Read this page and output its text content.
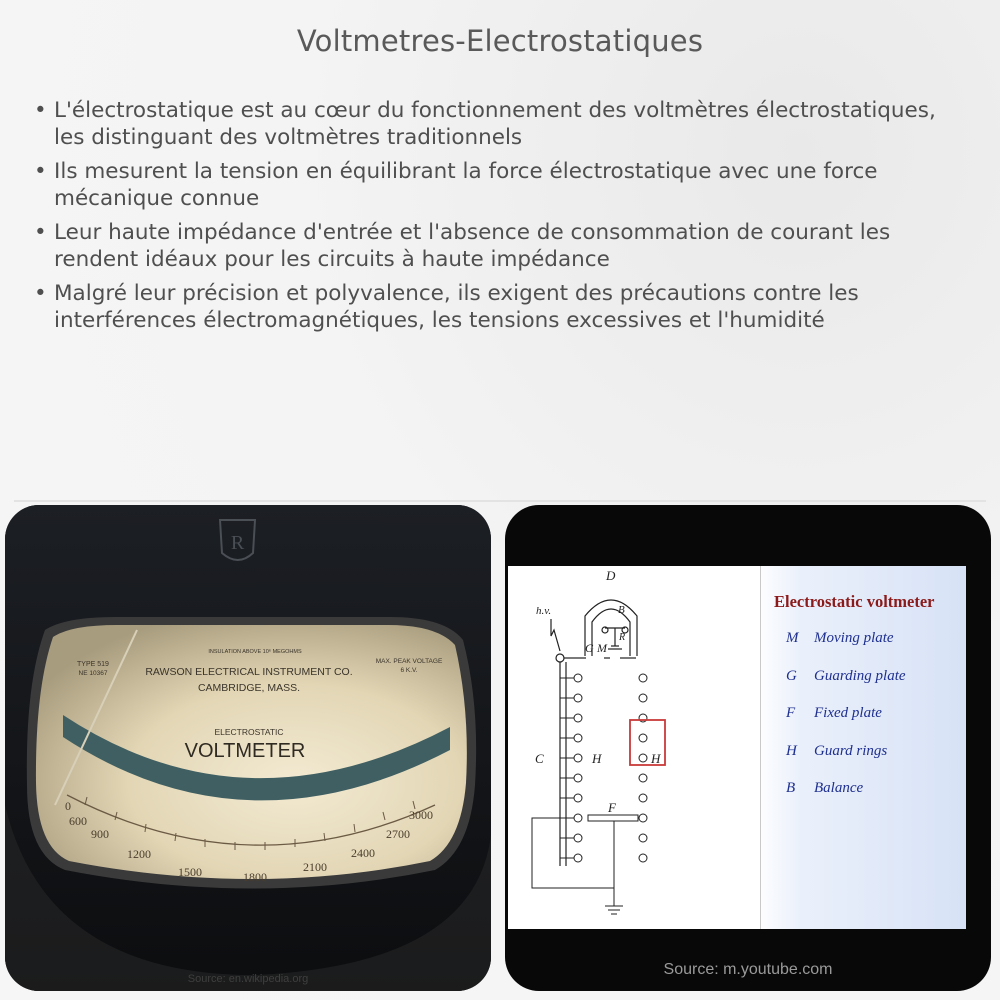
Voltmetres-Electrostatiques
• L'électrostatique est au cœur du fonctionnement des voltmètres électrostatiques, les distinguant des voltmètres traditionnels
• Ils mesurent la tension en équilibrant la force électrostatique avec une force mécanique connue
• Leur haute impédance d'entrée et l'absence de consommation de courant les rendent idéaux pour les circuits à haute impédance
• Malgré leur précision et polyvalence, ils exigent des précautions contre les interférences électromagnétiques, les tensions excessives et l'humidité
R
TYPE 519
NE 10367
INSULATION ABOVE 10⁶ MEGOHMS
RAWSON ELECTRICAL INSTRUMENT CO.
CAMBRIDGE, MASS.
MAX. PEAK VOLTAGE
6 K.V.
ELECTROSTATIC
VOLTMETER
0
600
900
1200
1500	1800
2100
2400
2700
3000
Source: en.wikipedia.org
D
h.v.	B
G M
R
C	H	H
F
Electrostatic voltmeter
M Moving plate
G Guarding plate
F Fixed plate
H Guard rings
B Balance
Source: m.youtube.com
